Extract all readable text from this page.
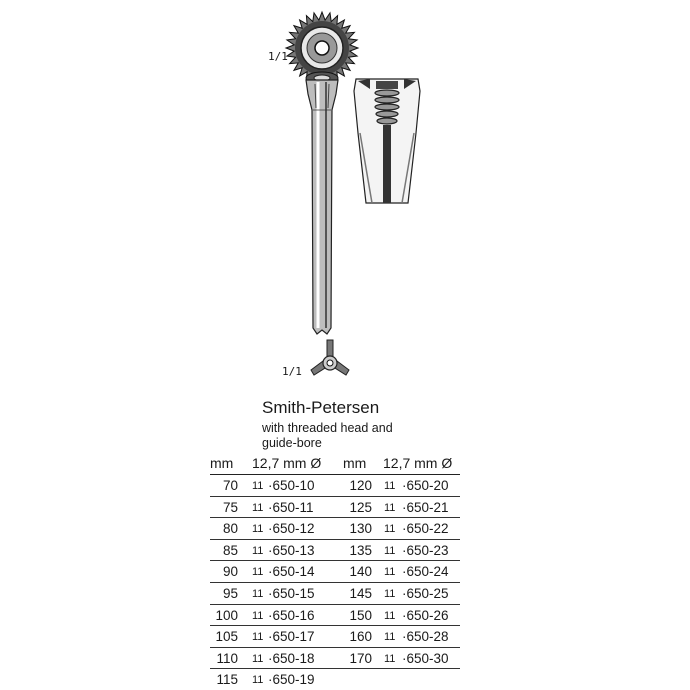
1/1
1/1
Smith-Petersen
with threaded head and
guide-bore
mm 12,7 mm Ø mm 12,7 mm Ø
70 11 ·650-10	120 11 ·650-20
75 11 ·650-11	125 11 ·650-21
80 11 ·650-12	130 11 ·650-22
85 11 ·650-13	135 11 ·650-23
90 11 ·650-14	140 11 ·650-24
95 11 ·650-15	145 11 ·650-25
100 11 ·650-16	150 11 ·650-26
105 11 ·650-17	160 11 ·650-28
110 11 ·650-18	170 11 ·650-30
115 11 ·650-19
